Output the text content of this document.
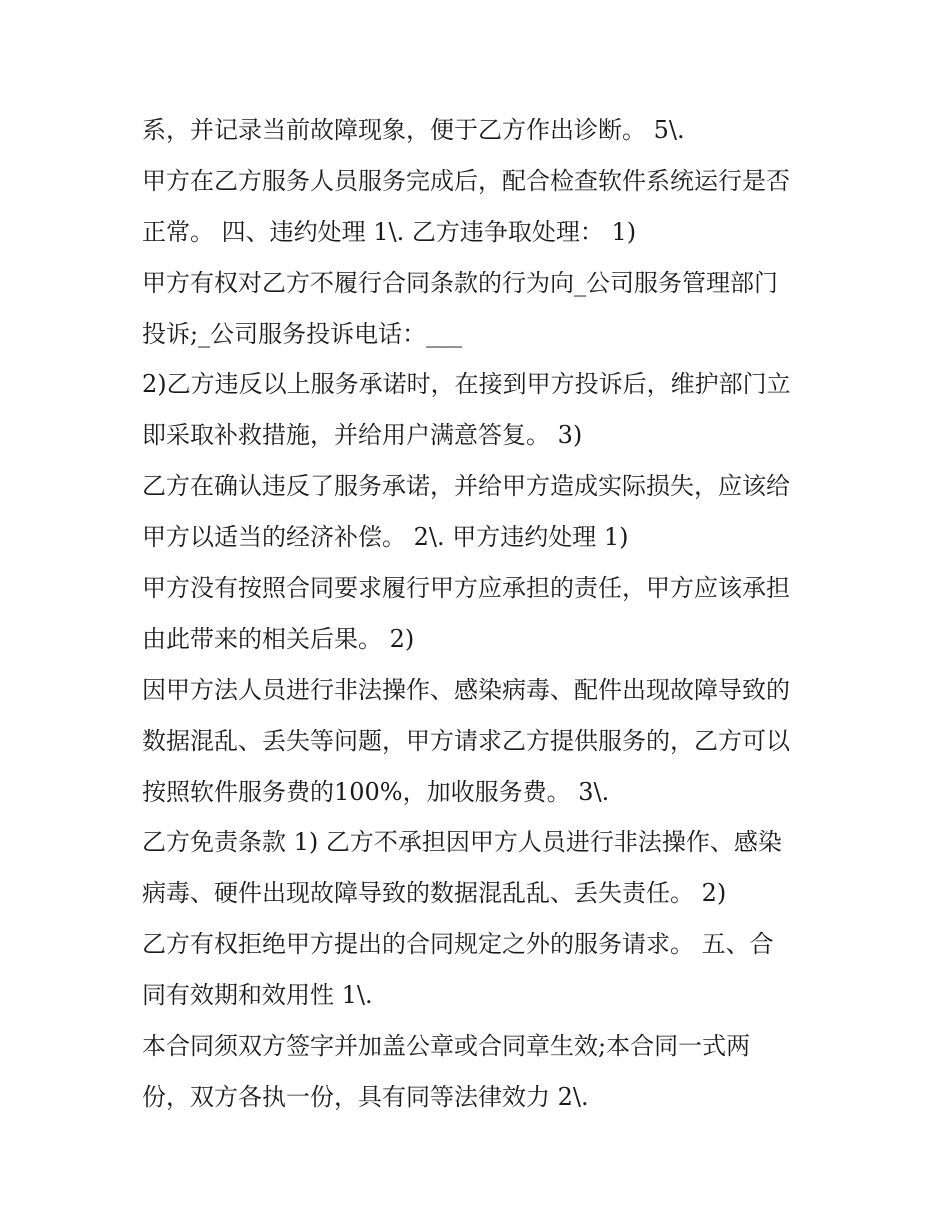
系，并记录当前故障现象，便于乙方作出诊断。 5\.
甲方在乙方服务人员服务完成后，配合检查软件系统运行是否
正常。 四、违约处理 1\. 乙方违争取处理： 1)
甲方有权对乙方不履行合同条款的行为向_公司服务管理部门
投诉;_公司服务投诉电话：___
2)乙方违反以上服务承诺时，在接到甲方投诉后，维护部门立
即采取补救措施，并给用户满意答复。 3)
乙方在确认违反了服务承诺，并给甲方造成实际损失，应该给
甲方以适当的经济补偿。 2\. 甲方违约处理 1)
甲方没有按照合同要求履行甲方应承担的责任，甲方应该承担
由此带来的相关后果。 2)
因甲方法人员进行非法操作、感染病毒、配件出现故障导致的
数据混乱、丢失等问题，甲方请求乙方提供服务的，乙方可以
按照软件服务费的100%，加收服务费。 3\.
乙方免责条款 1) 乙方不承担因甲方人员进行非法操作、感染
病毒、硬件出现故障导致的数据混乱乱、丢失责任。 2)
乙方有权拒绝甲方提出的合同规定之外的服务请求。 五、合
同有效期和效用性 1\.
本合同须双方签字并加盖公章或合同章生效;本合同一式两
份，双方各执一份，具有同等法律效力 2\.
